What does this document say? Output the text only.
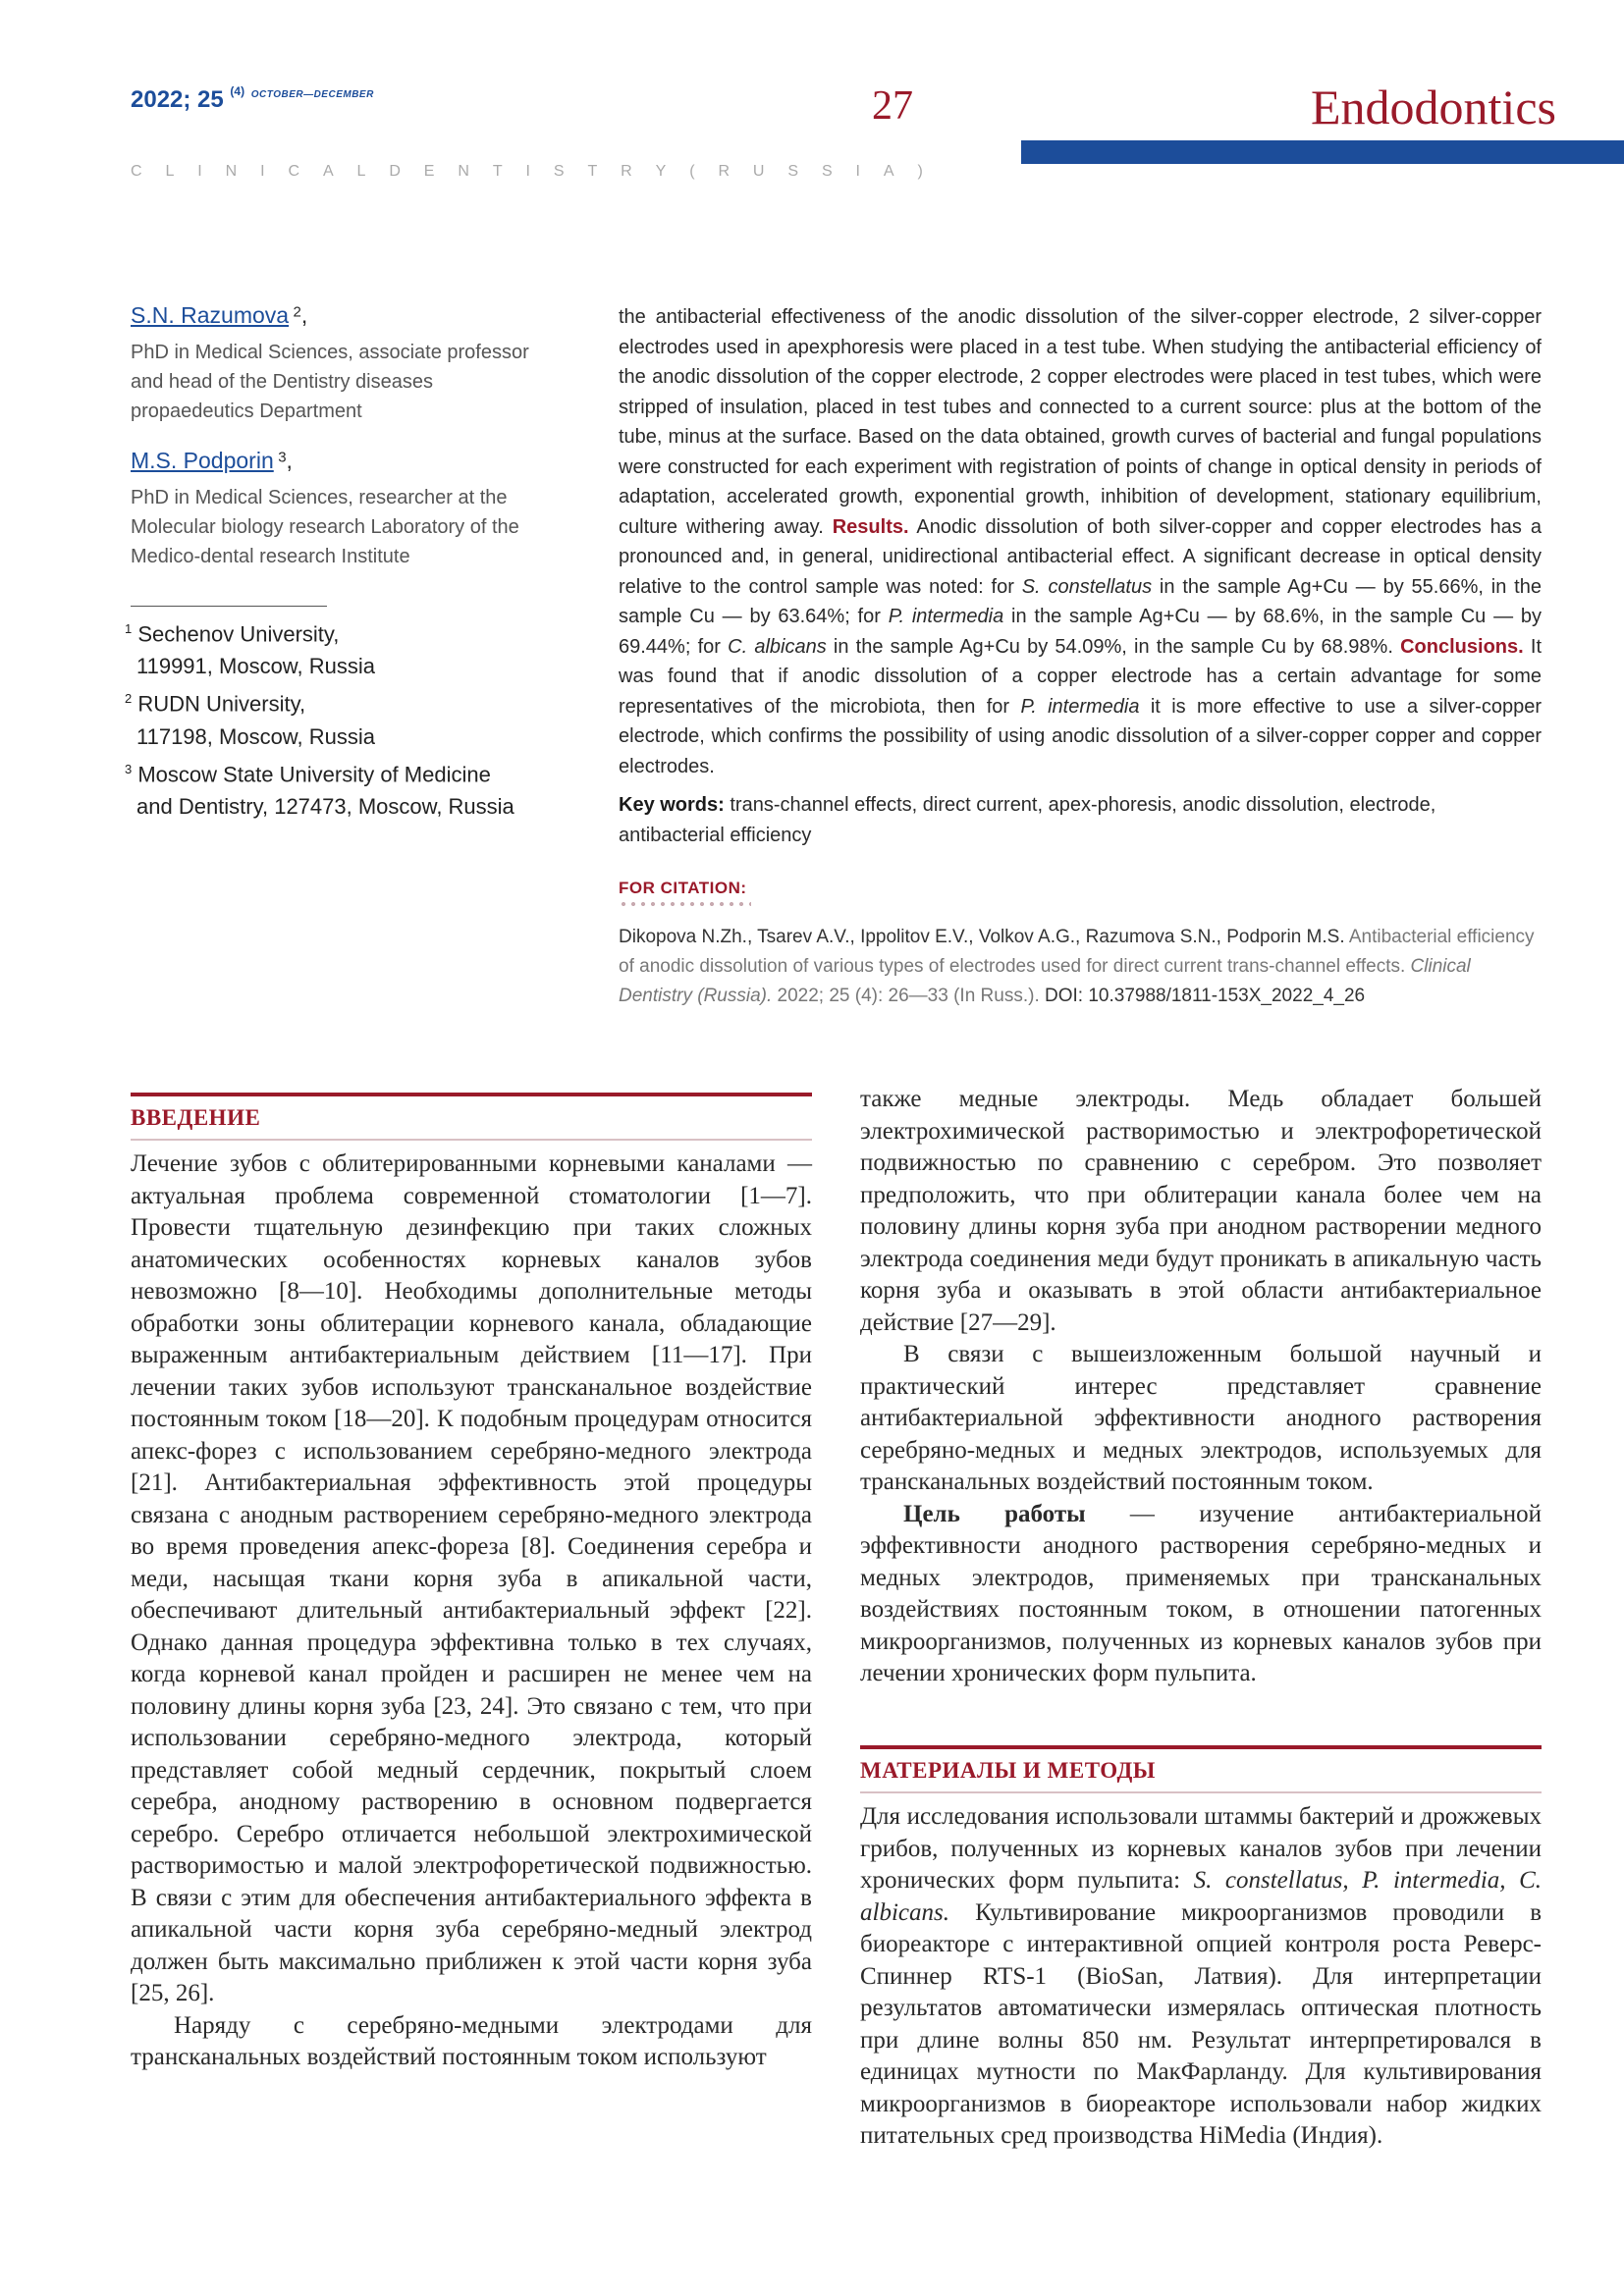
2022; 25 $^{(4)}$ $^{OCTOBER—DECEMBER}$	27	Endodontics
C L I N I C A L D E N T I S T R Y ( R U S S I A )
S.N. Razumova $^2$,
PhD in Medical Sciences, associate professor and head of the Dentistry diseases propaedeutics Department
M.S. Podporin $^3$,
PhD in Medical Sciences, researcher at the Molecular biology research Laboratory of the Medico-dental research Institute
$^1$ Sechenov University,
119991, Moscow, Russia
$^2$ RUDN University,
117198, Moscow, Russia
$^3$ Moscow State University of Medicine
and Dentistry, 127473, Moscow, Russia
the antibacterial effectiveness of the anodic dissolution of the silver-copper electrode, 2 silver-copper electrodes used in apexphoresis were placed in a test tube. When studying the antibacterial efficiency of the anodic dissolution of the copper electrode, 2 copper electrodes were placed in test tubes, which were stripped of insulation, placed in test tubes and connected to a current source: plus at the bottom of the tube, minus at the surface. Based on the data obtained, growth curves of bacterial and fungal populations were constructed for each experiment with registration of points of change in optical density in periods of adaptation, accelerated growth, exponential growth, inhibition of development, stationary equilibrium, culture withering away. Results. Anodic dissolution of both silver-copper and copper electrodes has a pronounced and, in general, unidirectional antibacterial effect. A significant decrease in optical density relative to the control sample was noted: for S. constellatus in the sample Ag+Cu — by 55.66%, in the sample Cu — by 63.64%; for P. intermedia in the sample Ag+Cu — by 68.6%, in the sample Cu — by 69.44%; for C. albicans in the sample Ag+Cu by 54.09%, in the sample Cu by 68.98%. Conclusions. It was found that if anodic dissolution of a copper electrode has a certain advantage for some representatives of the microbiota, then for P. intermedia it is more effective to use a silver-copper electrode, which confirms the possibility of using anodic dissolution of a silver-copper copper and copper electrodes.
Key words: trans-channel effects, direct current, apex-phoresis, anodic dissolution, electrode, antibacterial efficiency
FOR CITATION:
Dikopova N.Zh., Tsarev A.V., Ippolitov E.V., Volkov A.G., Razumova S.N., Podporin M.S. Antibacterial efficiency of anodic dissolution of various types of electrodes used for direct current trans-channel effects. Clinical Dentistry (Russia). 2022; 25 (4): 26—33 (In Russ.). DOI: 10.37988/1811-153X_2022_4_26
ВВЕДЕНИЕ

Лечение зубов с облитерированными корневыми каналами — актуальная проблема современной стоматологии [1—7]. Провести тщательную дезинфекцию при таких сложных анатомических особенностях корневых каналов зубов невозможно [8—10]. Необходимы дополнительные методы обработки зоны облитерации корневого канала, обладающие выраженным антибактериальным действием [11—17]. При лечении таких зубов используют трансканальное воздействие постоянным током [18—20]. К подобным процедурам относится апекс-форез с использованием серебряно-медного электрода [21]. Антибактериальная эффективность этой процедуры связана с анодным растворением серебряно-медного электрода во время проведения апекс-фореза [8]. Соединения серебра и меди, насыщая ткани корня зуба в апикальной части, обеспечивают длительный антибактериальный эффект [22]. Однако данная процедура эффективна только в тех случаях, когда корневой канал пройден и расширен не менее чем на половину длины корня зуба [23, 24]. Это связано с тем, что при использовании серебряно-медного электрода, который представляет собой медный сердечник, покрытый слоем серебра, анодному растворению в основном подвергается серебро. Серебро отличается небольшой электрохимической растворимостью и малой электрофоретической подвижностью. В связи с этим для обеспечения антибактериального эффекта в апикальной части корня зуба серебряно-медный электрод должен быть максимально приближен к этой части корня зуба [25, 26].

Наряду с серебряно-медными электродами для трансканальных воздействий постоянным током используют

также медные электроды. Медь обладает большей электрохимической растворимостью и электрофоретической подвижностью по сравнению с серебром. Это позволяет предположить, что при облитерации канала более чем на половину длины корня зуба при анодном растворении медного электрода соединения меди будут проникать в апикальную часть корня зуба и оказывать в этой области антибактериальное действие [27—29].

В связи с вышеизложенным большой научный и практический интерес представляет сравнение антибактериальной эффективности анодного растворения серебряно-медных и медных электродов, используемых для трансканальных воздействий постоянным током.

Цель работы — изучение антибактериальной эффективности анодного растворения серебряно-медных и медных электродов, применяемых при трансканальных воздействиях постоянным током, в отношении патогенных микроорганизмов, полученных из корневых каналов зубов при лечении хронических форм пульпита.

МАТЕРИАЛЫ И МЕТОДЫ

Для исследования использовали штаммы бактерий и дрожжевых грибов, полученных из корневых каналов зубов при лечении хронических форм пульпита: S. constellatus, P. intermedia, C. albicans. Культивирование микроорганизмов проводили в биореакторе с интерактивной опцией контроля роста Реверс-Спиннер RTS-1 (BioSan, Латвия). Для интерпретации результатов автоматически измерялась оптическая плотность при длине волны 850 нм. Результат интерпретировался в единицах мутности по МакФарланду. Для культивирования микроорганизмов в биореакторе использовали набор жидких питательных сред производства HiMedia (Индия).
